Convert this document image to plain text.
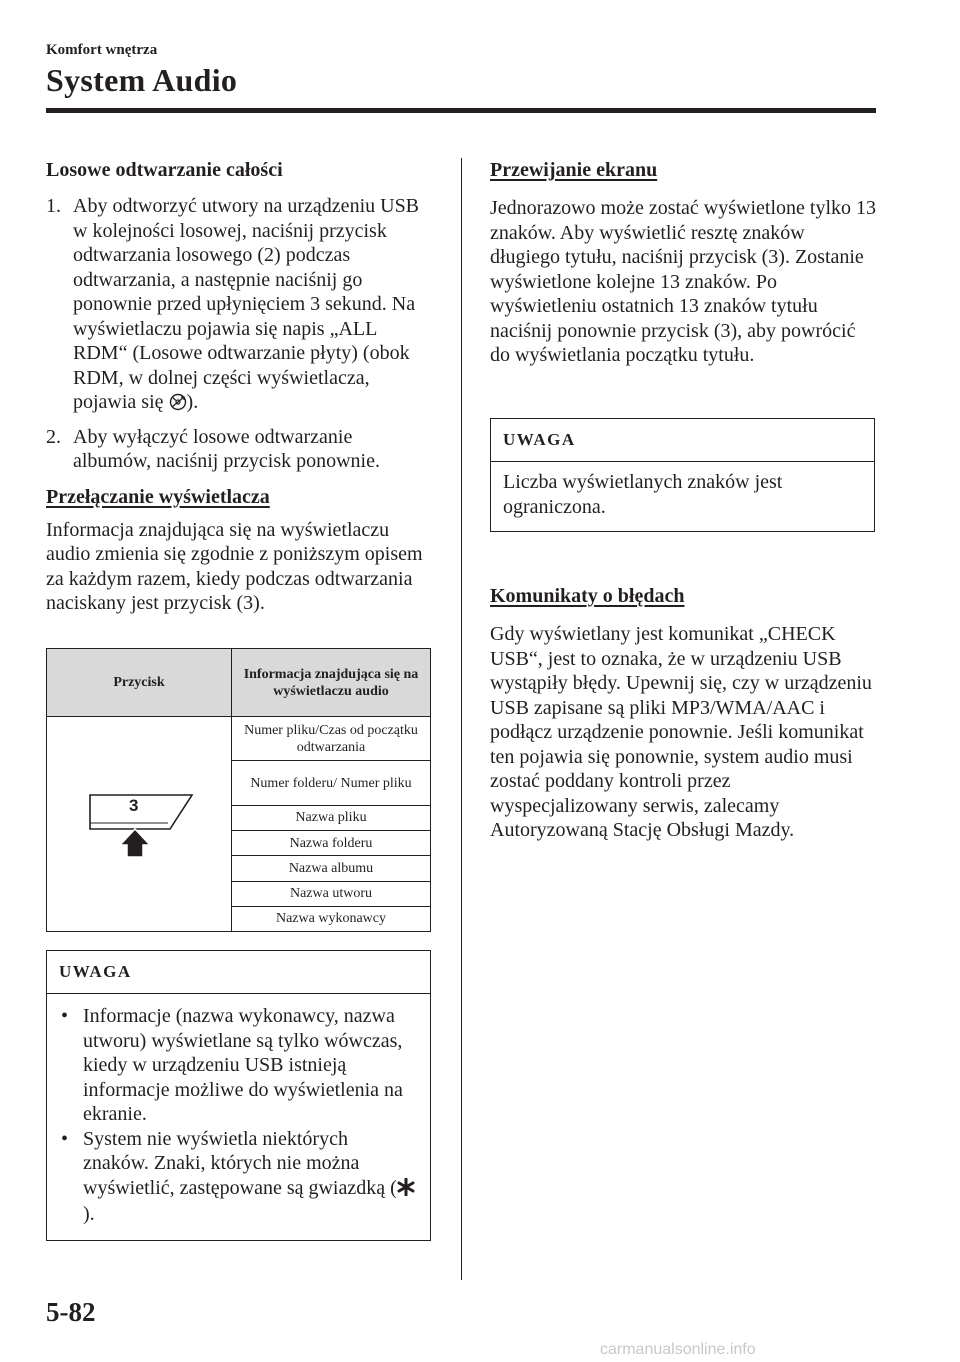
Komfort wnętrza
System Audio
Losowe odtwarzanie całości
1. Aby odtworzyć utwory na urządzeniu USB w kolejności losowej, naciśnij przycisk odtwarzania losowego (2) podczas odtwarzania, a następnie naciśnij go ponownie przed upłynięciem 3 sekund. Na wyświetlaczu pojawia się napis „ALL RDM“ (Losowe odtwarzanie płyty) (obok RDM, w dolnej części wyświetlacza, pojawia się ).
2. Aby wyłączyć losowe odtwarzanie albumów, naciśnij przycisk ponownie.
Przełączanie wyświetlacza
Informacja znajdująca się na wyświetlaczu audio zmienia się zgodnie z poniższym opisem za każdym razem, kiedy podczas odtwarzania naciskany jest przycisk (3).
Przycisk	Informacja znajdująca się na wyświetlaczu audio

3	Numer pliku/Czas od początku odtwarzania
	Numer folderu/ Numer pliku
	Nazwa pliku
	Nazwa folderu
	Nazwa albumu
	Nazwa utworu
	Nazwa wykonawcy
UWAGA
• Informacje (nazwa wykonawcy, nazwa utworu) wyświetlane są tylko wówczas, kiedy w urządzeniu USB istnieją informacje możliwe do wyświetlenia na ekranie.
• System nie wyświetla niektórych znaków. Znaki, których nie można wyświetlić, zastępowane są gwiazdką ().
Przewijanie ekranu
Jednorazowo może zostać wyświetlone tylko 13 znaków. Aby wyświetlić resztę znaków długiego tytułu, naciśnij przycisk (3). Zostanie wyświetlone kolejne 13 znaków. Po wyświetleniu ostatnich 13 znaków tytułu naciśnij ponownie przycisk (3), aby powrócić do wyświetlania początku tytułu.
UWAGA
Liczba wyświetlanych znaków jest ograniczona.
Komunikaty o błędach
Gdy wyświetlany jest komunikat „CHECK USB“, jest to oznaka, że w urządzeniu USB wystąpiły błędy. Upewnij się, czy w urządzeniu USB zapisane są pliki MP3/WMA/AAC i podłącz urządzenie ponownie. Jeśli komunikat ten pojawia się ponownie, system audio musi zostać poddany kontroli przez wyspecjalizowany serwis, zalecamy Autoryzowaną Stację Obsługi Mazdy.
5-82
carmanualsonline.info
